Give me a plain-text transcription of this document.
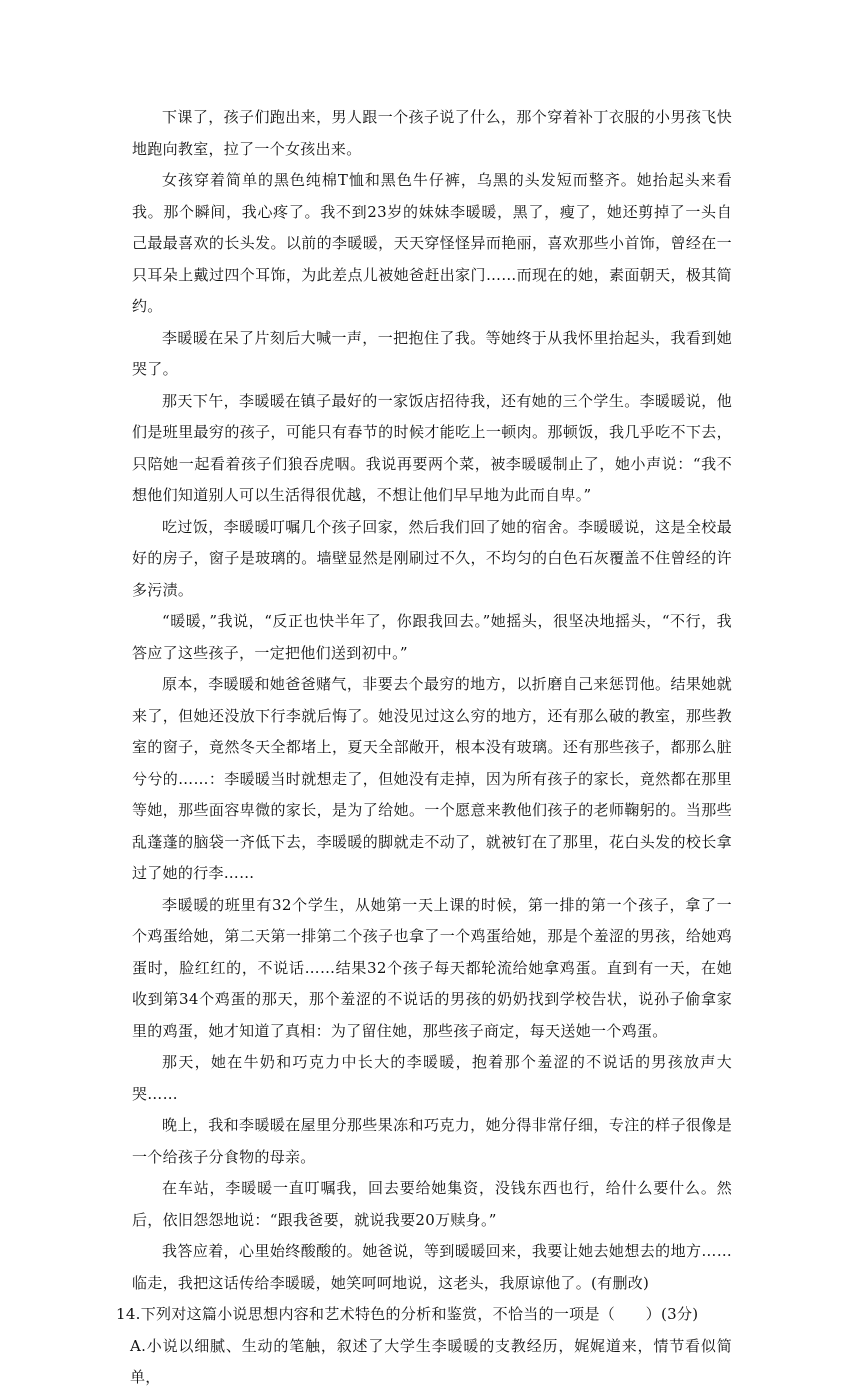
下课了，孩子们跑出来，男人跟一个孩子说了什么，那个穿着补丁衣服的小男孩飞快地跑向教室，拉了一个女孩出来。

女孩穿着简单的黑色纯棉T恤和黑色牛仔裤，乌黑的头发短而整齐。她抬起头来看我。那个瞬间，我心疼了。我不到23岁的妹妹李暖暖，黑了，瘦了，她还剪掉了一头自己最最喜欢的长头发。以前的李暖暖，天天穿怪怪异而艳丽，喜欢那些小首饰，曾经在一只耳朵上戴过四个耳饰，为此差点儿被她爸赶出家门……而现在的她，素面朝天，极其简约。

李暖暖在呆了片刻后大喊一声，一把抱住了我。等她终于从我怀里抬起头，我看到她哭了。

那天下午，李暖暖在镇子最好的一家饭店招待我，还有她的三个学生。李暖暖说，他们是班里最穷的孩子，可能只有春节的时候才能吃上一顿肉。那顿饭，我几乎吃不下去，只陪她一起看着孩子们狼吞虎咽。我说再要两个菜，被李暖暖制止了，她小声说：“我不想他们知道别人可以生活得很优越，不想让他们早早地为此而自卑。”

吃过饭，李暖暖叮嘱几个孩子回家，然后我们回了她的宿舍。李暖暖说，这是全校最好的房子，窗子是玻璃的。墙壁显然是刚刷过不久，不均匀的白色石灰覆盖不住曾经的许多污渍。

“暖暖，”我说，“反正也快半年了，你跟我回去。”她摇头，很坚决地摇头，“不行，我答应了这些孩子，一定把他们送到初中。”

原本，李暖暖和她爸爸赌气，非要去个最穷的地方，以折磨自己来惩罚他。结果她就来了，但她还没放下行李就后悔了。她没见过这么穷的地方，还有那么破的教室，那些教室的窗子，竟然冬天全都堵上，夏天全部敞开，根本没有玻璃。还有那些孩子，都那么脏兮兮的……：李暖暖当时就想走了，但她没有走掉，因为所有孩子的家长，竟然都在那里等她，那些面容卑微的家长，是为了给她。一个愿意来教他们孩子的老师鞠躬的。当那些乱蓬蓬的脑袋一齐低下去，李暖暖的脚就走不动了，就被钉在了那里，花白头发的校长拿过了她的行李……

李暖暖的班里有32个学生，从她第一天上课的时候，第一排的第一个孩子，拿了一个鸡蛋给她，第二天第一排第二个孩子也拿了一个鸡蛋给她，那是个羞涩的男孩，给她鸡蛋时，脸红红的，不说话……结果32个孩子每天都轮流给她拿鸡蛋。直到有一天，在她收到第34个鸡蛋的那天，那个羞涩的不说话的男孩的奶奶找到学校告状，说孙子偷拿家里的鸡蛋，她才知道了真相：为了留住她，那些孩子商定，每天送她一个鸡蛋。

那天，她在牛奶和巧克力中长大的李暖暖，抱着那个羞涩的不说话的男孩放声大哭……

晚上，我和李暖暖在屋里分那些果冻和巧克力，她分得非常仔细，专注的样子很像是一个给孩子分食物的母亲。

在车站，李暖暖一直叮嘱我，回去要给她集资，没钱东西也行，给什么要什么。然后，依旧怨怨地说：“跟我爸要，就说我要20万赎身。”

我答应着，心里始终酸酸的。她爸说，等到暖暖回来，我要让她去她想去的地方……临走，我把这话传给李暖暖，她笑呵呵地说，这老头，我原谅他了。(有删改)

14.下列对这篇小说思想内容和艺术特色的分析和鉴赏，不恰当的一项是（　　）(3分)

A.小说以细腻、生动的笔触，叙述了大学生李暖暖的支教经历，娓娓道来，情节看似简单，
